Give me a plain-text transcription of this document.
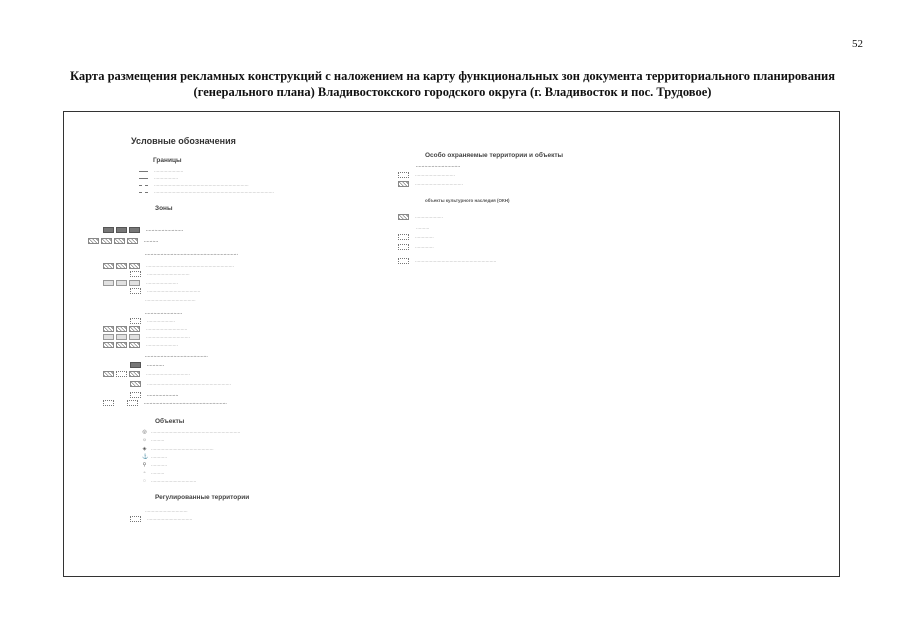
52
Карта размещения рекламных конструкций с наложением на карту функциональных зон документа территориального планирования (генерального плана) Владивостокского городского округа (г. Владивосток и пос. Трудовое)
Условные обозначения
Границы
······················
··················
·······································································
··························································································
Зоны
··························
··········
·································································
··································································
································
························
········································
······································
··························
·····················
·······························
·································
························
············································
············
·································
·······························································
······················
··························································
Объекты
◎ ···································································
☼ ··········
◈ ···············································
⚓ ············
⚲ ············
▫	··········
◌ ··································
Регулированные территории
································
··································
Особо охраняемые территории и объекты
·······························
······························
····································
объекты культурного наследия (ОКН)
·····················
··········
··············
··············
·····························································
